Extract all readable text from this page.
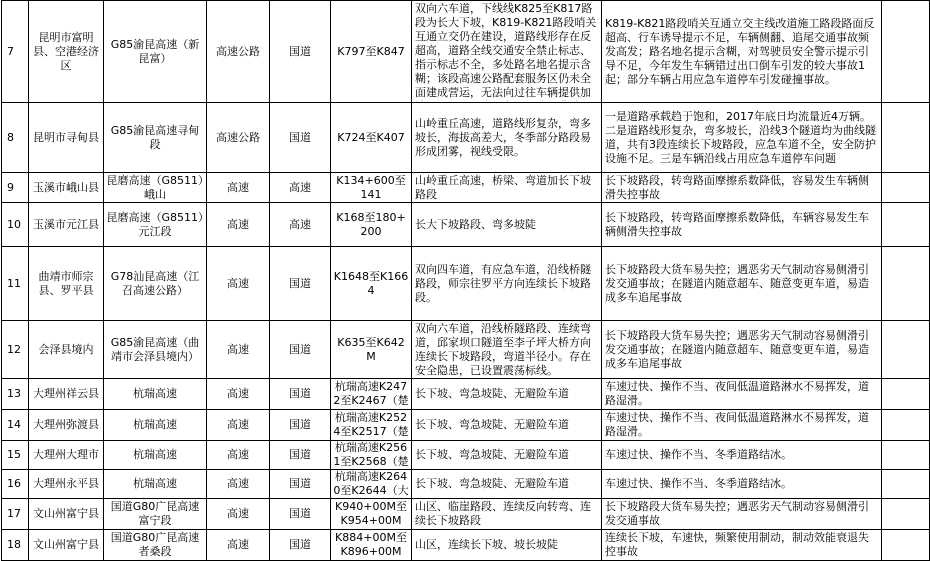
7	昆明市富明县、空港经济区	G85渝昆高速（新昆富）	高速公路	国道	K797至K847	双向六车道，下线线K825至K817路段为长大下坡，K819-K821路段哨关互通立交仍在建设，道路线形存在反超高，道路全线交通安全禁止标志、指示标志不全，多处路名地名提示含糊；该段高速公路配套服务区仍未全面建成营运，无法向过往车辆提供加	K819-K821路段哨关互通立交主线改道施工路段路面反超高、行车诱导提示不足，车辆侧翻、追尾交通事故频发高发；路名地名提示含糊，对驾驶员安全警示提示引导不足，今年发生车辆错过出口倒车引发的较大事故1起；部分车辆占用应急车道停车引发碰撞事故。	

8	昆明市寻甸县	G85渝昆高速寻甸段	高速公路	国道	K724至K407	山岭重丘高速，道路线形复杂，弯多坡长，海拔高差大，冬季部分路段易形成团雾，视线受限。	一是道路承载趋于饱和，2017年底日均流量近4万辆。二是道路线形复杂，弯多坡长，沿线3个隧道均为曲线隧道，共有3段连续长下坡路段，应急车道不全，安全防护设施不足。三是车辆沿线占用应急车道停车问题	

9	玉溪市峨山县	昆磨高速（G8511）峨山	高速	高速	K134+600至141	山岭重丘高速，桥梁、弯道加长下坡路段	长下坡路段，转弯路面摩擦系数降低，容易发生车辆侧滑失控事故	

10	玉溪市元江县	昆磨高速（G8511）元江段	高速	高速	K168至180+200	长大下坡路段、弯多坡陡	长下坡路段，转弯路面摩擦系数降低，车辆容易发生车辆侧滑失控事故	

11	曲靖市师宗县、罗平县	G78汕昆高速（江召高速公路）	高速	国道	K1648至K1664	双向四车道，有应急车道，沿线桥隧路段，师宗往罗平方向连续长下坡路段。	长下坡路段大货车易失控；遇恶劣天气制动容易侧滑引发交通事故；在隧道内随意超车、随意变更车道，易造成多车追尾事故	

12	会泽县境内	G85渝昆高速（曲靖市会泽县境内）	高速	国道	K635至K642M	双向六车道，沿线桥隧路段、连续弯道，邱家坝口隧道至李子坪大桥方向连续长下坡路段，弯道半径小。存在安全隐患，已设置震荡标线。	长下坡路段大货车易失控；遇恶劣天气制动容易侧滑引发交通事故；在隧道内随意超车、随意变更车道，易造成多车追尾事故	

13	大理州祥云县	杭瑞高速	高速	国道	杭瑞高速K2472至K2467（楚	长下坡、弯急坡陡、无避险车道	车速过快、操作不当、夜间低温道路淋水不易挥发，道路湿滑。	

14	大理州弥渡县	杭瑞高速	高速	国道	杭瑞高速K2524至K2517（楚	长下坡、弯急坡陡、无避险车道	车速过快、操作不当、夜间低温道路淋水不易挥发，道路湿滑。	

15	大理州大理市	杭瑞高速	高速	国道	杭瑞高速K2561至K2568（楚	长下坡、弯急坡陡、无避险车道	车速过快、操作不当、冬季道路结冰。	

16	大理州永平县	杭瑞高速	高速	国道	杭瑞高速K2640至K2644（大	长下坡、弯急坡陡、无避险车道	车速过快、操作不当、冬季道路结冰。	

17	文山州富宁县	国道G80广昆高速富宁段	高速	国道	K940+00M至K954+00M	山区、临崖路段、连续反向转弯、连续长下坡路段	长下坡路段大货车易失控；遇恶劣天气制动容易侧滑引发交通事故	

18	文山州富宁县	国道G80广昆高速者桑段	高速	国道	K884+00M至K896+00M	山区，连续长下坡、坡长坡陡	连续长下坡，车速快，频繁使用制动，制动效能衰退失控事故	
